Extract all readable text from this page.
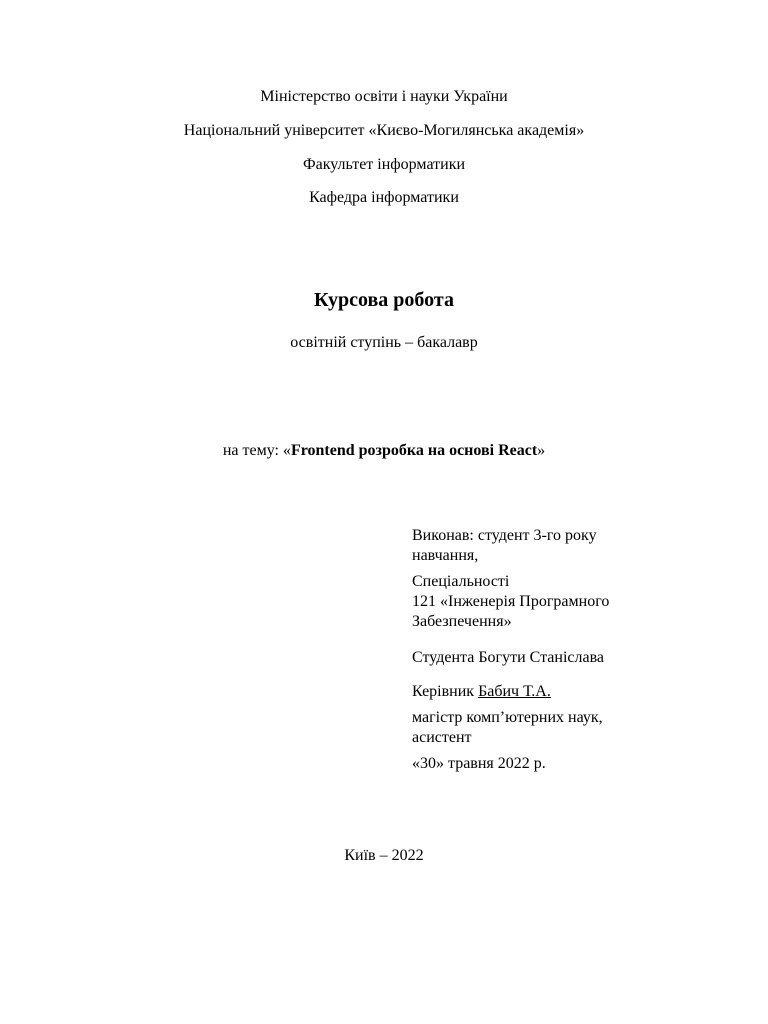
Міністерство освіти і науки України
Національний університет «Києво-Могилянська академія»
Факультет інформатики
Кафедра інформатики
Курсова робота
освітній ступінь – бакалавр
на тему: «Frontend розробка на основі React»

Виконав: студент 3-го року навчання,

Спеціальності

121 «Інженерія Програмного Забезпечення»

Студента Богути Станіслава

Керівник Бабич Т.А.

магістр комп’ютерних наук, асистент

«30» травня 2022 р.

Київ – 2022
